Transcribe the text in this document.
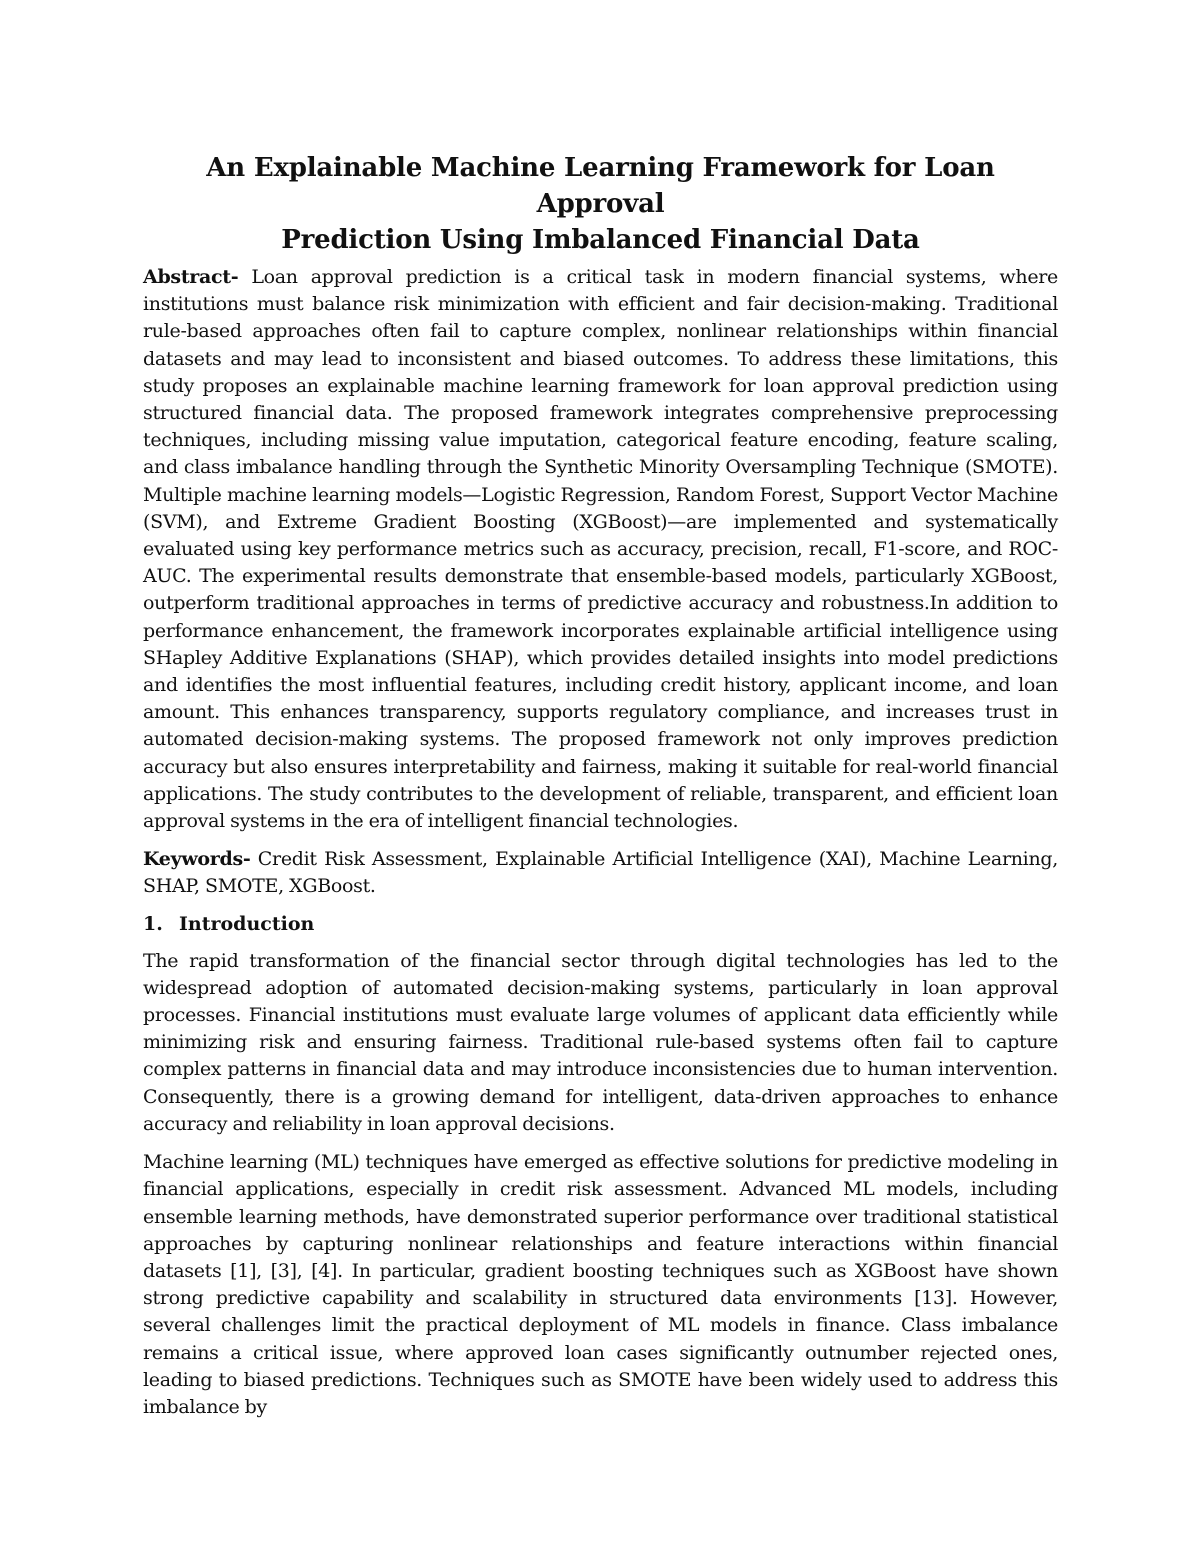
An Explainable Machine Learning Framework for Loan Approval
Prediction Using Imbalanced Financial Data

Abstract- Loan approval prediction is a critical task in modern financial systems, where institutions must balance risk minimization with efficient and fair decision-making. Traditional rule-based approaches often fail to capture complex, nonlinear relationships within financial datasets and may lead to inconsistent and biased outcomes. To address these limitations, this study proposes an explainable machine learning framework for loan approval prediction using structured financial data. The proposed framework integrates comprehensive preprocessing techniques, including missing value imputation, categorical feature encoding, feature scaling, and class imbalance handling through the Synthetic Minority Oversampling Technique (SMOTE). Multiple machine learning models—Logistic Regression, Random Forest, Support Vector Machine (SVM), and Extreme Gradient Boosting (XGBoost)—are implemented and systematically evaluated using key performance metrics such as accuracy, precision, recall, F1-score, and ROC-AUC. The experimental results demonstrate that ensemble-based models, particularly XGBoost, outperform traditional approaches in terms of predictive accuracy and robustness.In addition to performance enhancement, the framework incorporates explainable artificial intelligence using SHapley Additive Explanations (SHAP), which provides detailed insights into model predictions and identifies the most influential features, including credit history, applicant income, and loan amount. This enhances transparency, supports regulatory compliance, and increases trust in automated decision-making systems. The proposed framework not only improves prediction accuracy but also ensures interpretability and fairness, making it suitable for real-world financial applications. The study contributes to the development of reliable, transparent, and efficient loan approval systems in the era of intelligent financial technologies.

Keywords- Credit Risk Assessment, Explainable Artificial Intelligence (XAI), Machine Learning, SHAP, SMOTE, XGBoost.

1. Introduction

The rapid transformation of the financial sector through digital technologies has led to the widespread adoption of automated decision-making systems, particularly in loan approval processes. Financial institutions must evaluate large volumes of applicant data efficiently while minimizing risk and ensuring fairness. Traditional rule-based systems often fail to capture complex patterns in financial data and may introduce inconsistencies due to human intervention. Consequently, there is a growing demand for intelligent, data-driven approaches to enhance accuracy and reliability in loan approval decisions.

Machine learning (ML) techniques have emerged as effective solutions for predictive modeling in financial applications, especially in credit risk assessment. Advanced ML models, including ensemble learning methods, have demonstrated superior performance over traditional statistical approaches by capturing nonlinear relationships and feature interactions within financial datasets [1], [3], [4]. In particular, gradient boosting techniques such as XGBoost have shown strong predictive capability and scalability in structured data environments [13]. However, several challenges limit the practical deployment of ML models in finance. Class imbalance remains a critical issue, where approved loan cases significantly outnumber rejected ones, leading to biased predictions. Techniques such as SMOTE have been widely used to address this imbalance by
